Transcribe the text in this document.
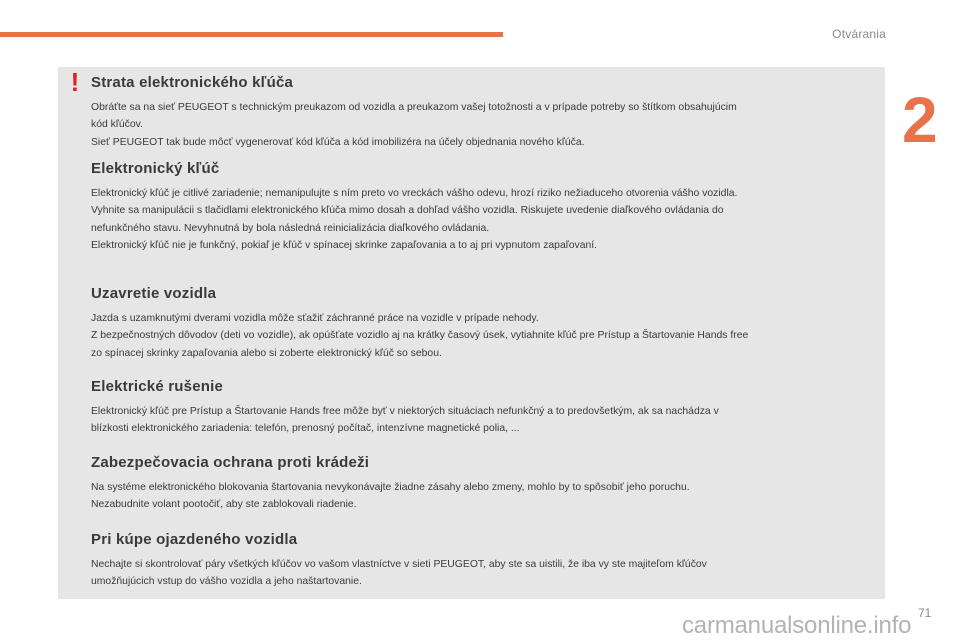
Otvárania
2
! Strata elektronického kľúča

Obráťte sa na sieť PEUGEOT s technickým preukazom od vozidla a preukazom vašej totožnosti a v prípade potreby so štítkom obsahujúcim
kód kľúčov.
Sieť PEUGEOT tak bude môcť vygenerovať kód kľúča a kód imobilizéra na účely objednania nového kľúča.

Elektronický kľúč

Elektronický kľúč je citlivé zariadenie; nemanipulujte s ním preto vo vreckách vášho odevu, hrozí riziko nežiaduceho otvorenia vášho vozidla.
Vyhnite sa manipulácii s tlačidlami elektronického kľúča mimo dosah a dohľad vášho vozidla. Riskujete uvedenie diaľkového ovládania do
nefunkčného stavu. Nevyhnutná by bola následná reinicializácia diaľkového ovládania.
Elektronický kľúč nie je funkčný, pokiaľ je kľúč v spínacej skrinke zapaľovania a to aj pri vypnutom zapaľovaní.

Uzavretie vozidla

Jazda s uzamknutými dverami vozidla môže sťažiť záchranné práce na vozidle v prípade nehody.
Z bezpečnostných dôvodov (deti vo vozidle), ak opúšťate vozidlo aj na krátky časový úsek, vytiahnite kľúč pre Prístup a Štartovanie Hands free
zo spínacej skrinky zapaľovania alebo si zoberte elektronický kľúč so sebou.

Elektrické rušenie

Elektronický kľúč pre Prístup a Štartovanie Hands free môže byť v niektorých situáciach nefunkčný a to predovšetkým, ak sa nachádza v
blízkosti elektronického zariadenia: telefón, prenosný počítač, intenzívne magnetické polia, ...

Zabezpečovacia ochrana proti krádeži

Na systéme elektronického blokovania štartovania nevykonávajte žiadne zásahy alebo zmeny, mohlo by to spôsobiť jeho poruchu.
Nezabudnite volant pootočiť, aby ste zablokovali riadenie.

Pri kúpe ojazdeného vozidla

Nechajte si skontrolovať páry všetkých kľúčov vo vašom vlastníctve v sieti PEUGEOT, aby ste sa uistili, že iba vy ste majiteľom kľúčov
umožňujúcich vstup do vášho vozidla a jeho naštartovanie.

carmanualsonline.info 71
